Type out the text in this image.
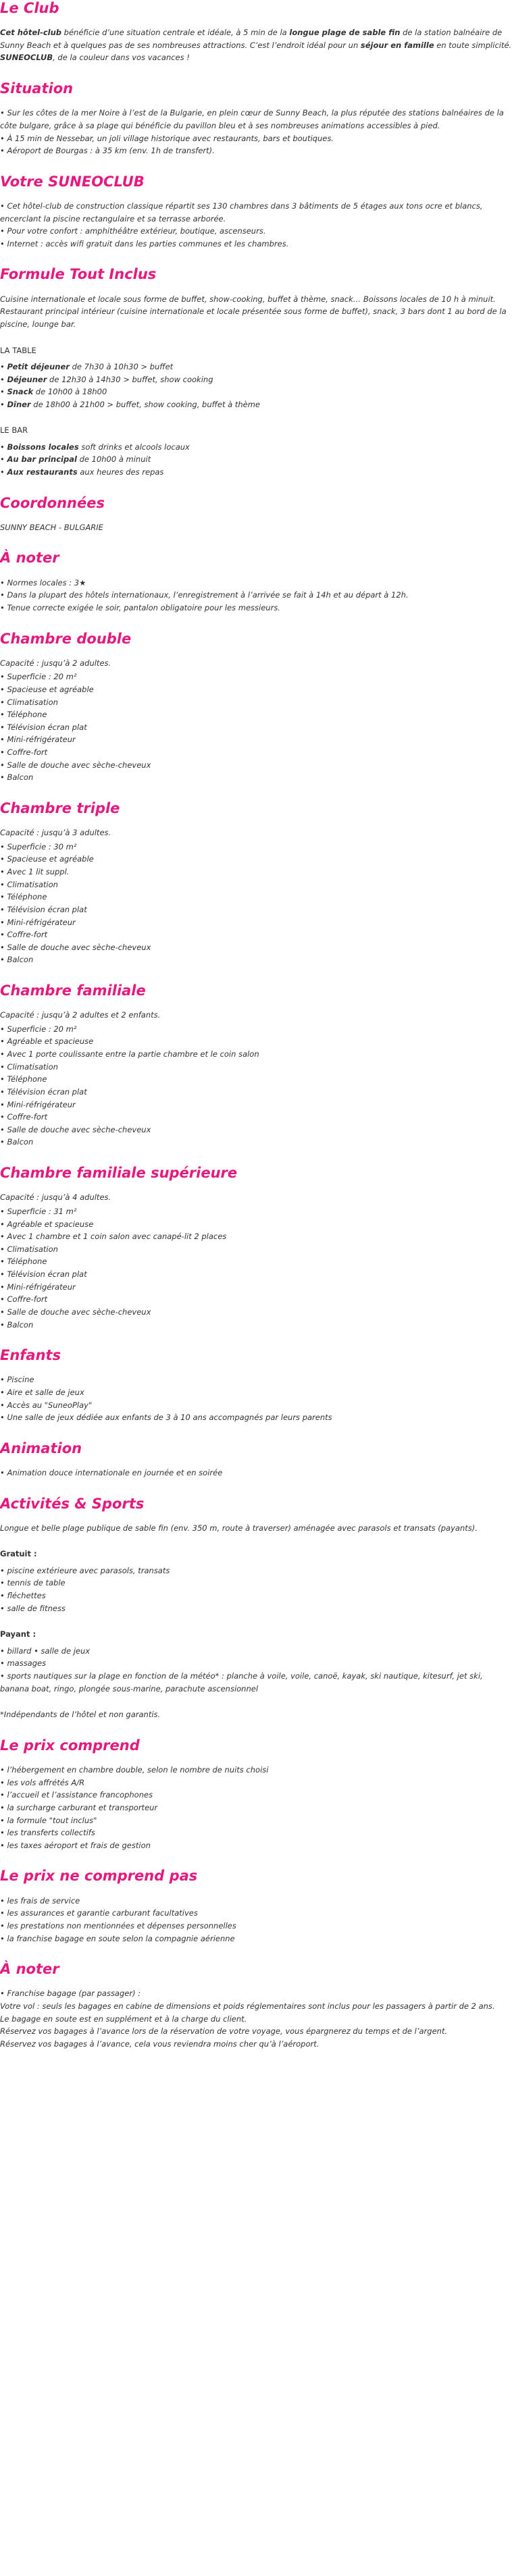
Le Club

Cet hôtel-club bénéficie d’une situation centrale et idéale, à 5 min de la longue plage de sable fin de la station balnéaire de Sunny Beach et à quelques pas de ses nombreuses attractions. C’est l’endroit idéal pour un séjour en famille en toute simplicité. SUNEOCLUB, de la couleur dans vos vacances !

Situation
• Sur les côtes de la mer Noire à l’est de la Bulgarie, en plein cœur de Sunny Beach, la plus réputée des stations balnéaires de la côte bulgare, grâce à sa plage qui bénéficie du pavillon bleu et à ses nombreuses animations accessibles à pied.
• À 15 min de Nessebar, un joli village historique avec restaurants, bars et boutiques.
• Aéroport de Bourgas : à 35 km (env. 1h de transfert).
Votre SUNEOCLUB
• Cet hôtel-club de construction classique répartit ses 130 chambres dans 3 bâtiments de 5 étages aux tons ocre et blancs, encerclant la piscine rectangulaire et sa terrasse arborée.
• Pour votre confort : amphithéâtre extérieur, boutique, ascenseurs.
• Internet : accès wifi gratuit dans les parties communes et les chambres.
Formule Tout Inclus

Cuisine internationale et locale sous forme de buffet, show-cooking, buffet à thème, snack… Boissons locales de 10 h à minuit. Restaurant principal intérieur (cuisine internationale et locale présentée sous forme de buffet), snack, 3 bars dont 1 au bord de la piscine, lounge bar.

LA TABLE
• Petit déjeuner de 7h30 à 10h30 > buffet
• Déjeuner de 12h30 à 14h30 > buffet, show cooking
• Snack de 10h00 à 18h00
• Dîner de 18h00 à 21h00 > buffet, show cooking, buffet à thème
LE BAR
• Boissons locales soft drinks et alcools locaux
• Au bar principal de 10h00 à minuit
• Aux restaurants aux heures des repas
Coordonnées

SUNNY BEACH - BULGARIE

À noter
• Normes locales : 3★
• Dans la plupart des hôtels internationaux, l’enregistrement à l’arrivée se fait à 14h et au départ à 12h.
• Tenue correcte exigée le soir, pantalon obligatoire pour les messieurs.
Chambre double

Capacité : jusqu’à 2 adultes.

• Superficie : 20 m²
• Spacieuse et agréable
• Climatisation
• Téléphone
• Télévision écran plat
• Mini-réfrigérateur
• Coffre-fort
• Salle de douche avec sèche-cheveux
• Balcon
Chambre triple

Capacité : jusqu’à 3 adultes.

• Superficie : 30 m²
• Spacieuse et agréable
• Avec 1 lit suppl.
• Climatisation
• Téléphone
• Télévision écran plat
• Mini-réfrigérateur
• Coffre-fort
• Salle de douche avec sèche-cheveux
• Balcon
Chambre familiale

Capacité : jusqu’à 2 adultes et 2 enfants.

• Superficie : 20 m²
• Agréable et spacieuse
• Avec 1 porte coulissante entre la partie chambre et le coin salon
• Climatisation
• Téléphone
• Télévision écran plat
• Mini-réfrigérateur
• Coffre-fort
• Salle de douche avec sèche-cheveux
• Balcon
Chambre familiale supérieure

Capacité : jusqu’à 4 adultes.

• Superficie : 31 m²
• Agréable et spacieuse
• Avec 1 chambre et 1 coin salon avec canapé-lit 2 places
• Climatisation
• Téléphone
• Télévision écran plat
• Mini-réfrigérateur
• Coffre-fort
• Salle de douche avec sèche-cheveux
• Balcon
Enfants
• Piscine
• Aire et salle de jeux
• Accès au "SuneoPlay"
• Une salle de jeux dédiée aux enfants de 3 à 10 ans accompagnés par leurs parents
Animation
• Animation douce internationale en journée et en soirée
Activités & Sports

Longue et belle plage publique de sable fin (env. 350 m, route à traverser) aménagée avec parasols et transats (payants).

Gratuit :
• piscine extérieure avec parasols, transats
• tennis de table
• fléchettes
• salle de fitness
Payant :
• billard • salle de jeux
• massages
• sports nautiques sur la plage en fonction de la météo* : planche à voile, voile, canoë, kayak, ski nautique, kitesurf, jet ski, banana boat, ringo, plongée sous-marine, parachute ascensionnel

*Indépendants de l’hôtel et non garantis.

Le prix comprend
• l’hébergement en chambre double, selon le nombre de nuits choisi
• les vols affrétés A/R
• l’accueil et l’assistance francophones
• la surcharge carburant et transporteur
• la formule "tout inclus"
• les transferts collectifs
• les taxes aéroport et frais de gestion
Le prix ne comprend pas
• les frais de service
• les assurances et garantie carburant facultatives
• les prestations non mentionnées et dépenses personnelles
• la franchise bagage en soute selon la compagnie aérienne
À noter
• Franchise bagage (par passager) :

Votre vol : seuls les bagages en cabine de dimensions et poids réglementaires sont inclus pour les passagers à partir de 2 ans.

Le bagage en soute est en supplément et à la charge du client.

Réservez vos bagages à l’avance lors de la réservation de votre voyage, vous épargnerez du temps et de l’argent.

Réservez vos bagages à l’avance, cela vous reviendra moins cher qu’à l’aéroport.
